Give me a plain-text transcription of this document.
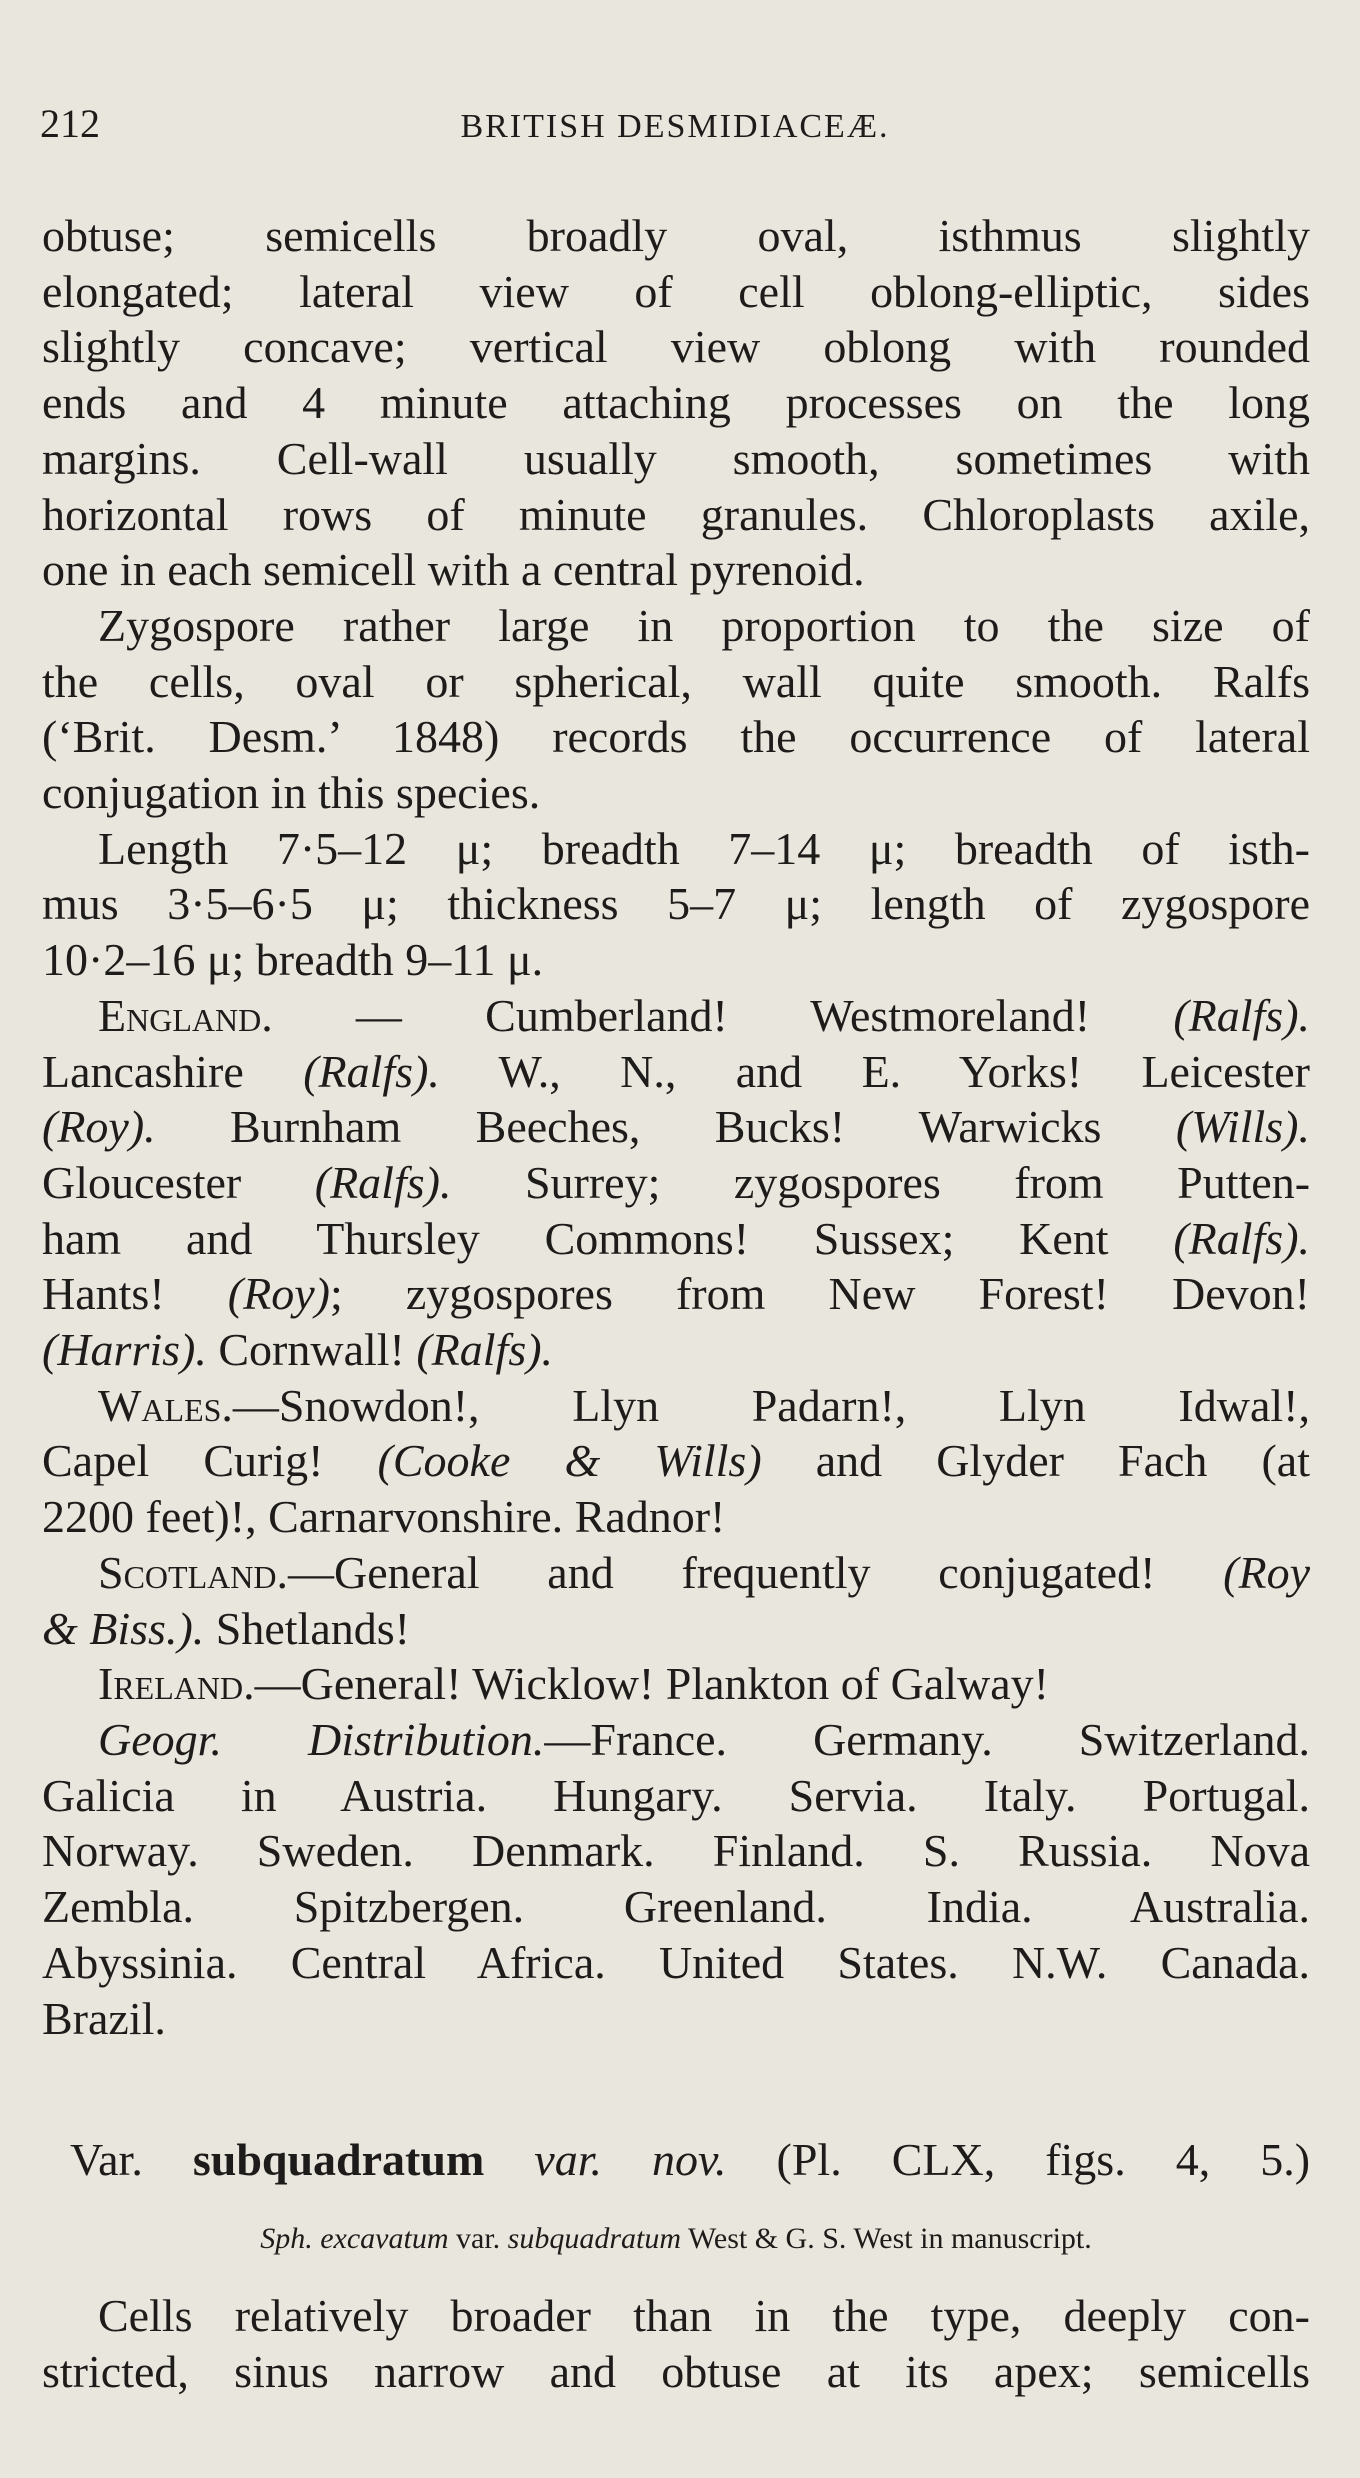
212	BRITISH DESMIDIACEÆ.
obtuse; semicells broadly oval, isthmus slightly
elongated; lateral view of cell oblong-elliptic, sides
slightly concave; vertical view oblong with rounded
ends and 4 minute attaching processes on the long
margins. Cell-wall usually smooth, sometimes with
horizontal rows of minute granules. Chloroplasts axile,
one in each semicell with a central pyrenoid.
Zygospore rather large in proportion to the size of
the cells, oval or spherical, wall quite smooth. Ralfs
(‘Brit. Desm.’ 1848) records the occurrence of lateral
conjugation in this species.
Length 7·5–12 μ; breadth 7–14 μ; breadth of isth-
mus 3·5–6·5 μ; thickness 5–7 μ; length of zygospore
10·2–16 μ; breadth 9–11 μ.
England. — Cumberland! Westmoreland! (Ralfs).
Lancashire (Ralfs). W., N., and E. Yorks! Leicester
(Roy). Burnham Beeches, Bucks! Warwicks (Wills).
Gloucester (Ralfs). Surrey; zygospores from Putten-
ham and Thursley Commons! Sussex; Kent (Ralfs).
Hants! (Roy); zygospores from New Forest! Devon!
(Harris). Cornwall! (Ralfs).
Wales.—Snowdon!, Llyn Padarn!, Llyn Idwal!,
Capel Curig! (Cooke & Wills) and Glyder Fach (at
2200 feet)!, Carnarvonshire. Radnor!
Scotland.—General and frequently conjugated! (Roy
& Biss.). Shetlands!
Ireland.—General! Wicklow! Plankton of Galway!
Geogr. Distribution.—France. Germany. Switzerland.
Galicia in Austria. Hungary. Servia. Italy. Portugal.
Norway. Sweden. Denmark. Finland. S. Russia. Nova
Zembla. Spitzbergen. Greenland. India. Australia.
Abyssinia. Central Africa. United States. N.W. Canada.
Brazil.
Var. subquadratum var. nov. (Pl. CLX, figs. 4, 5.)
Sph. excavatum var. subquadratum West & G. S. West in manuscript.
Cells relatively broader than in the type, deeply con-
stricted, sinus narrow and obtuse at its apex; semicells
